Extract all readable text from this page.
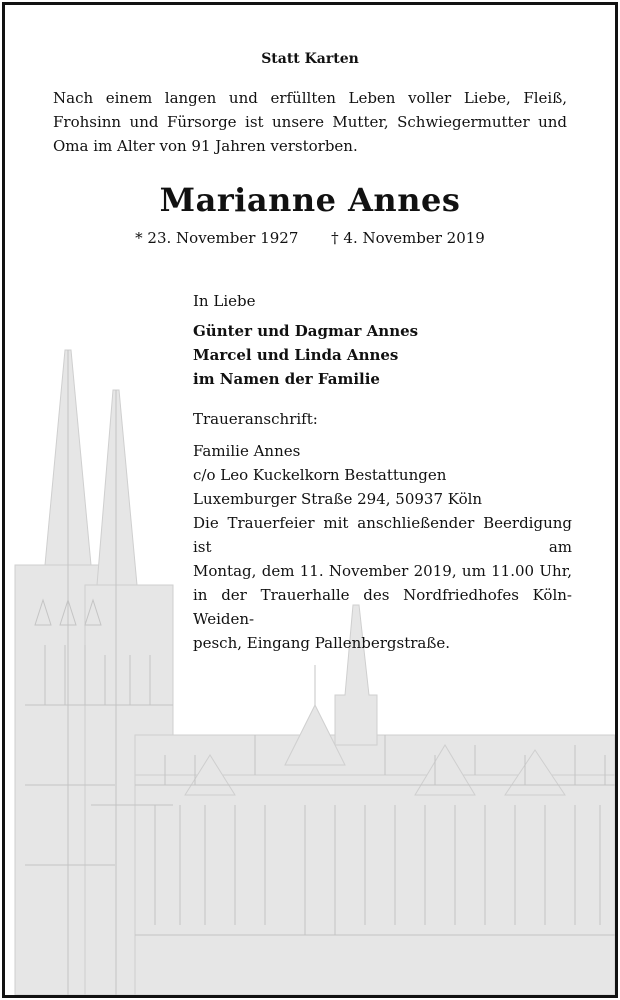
Statt Karten
Nach einem langen und erfüllten Leben voller Liebe, Fleiß, Frohsinn und Fürsorge ist unsere Mutter, Schwiegermutter und Oma im Alter von 91 Jahren verstorben.
Marianne Annes
* 23. November 1927 † 4. November 2019
In Liebe
Günter und Dagmar Annes
Marcel und Linda Annes
im Namen der Familie
Traueranschrift:
Familie Annes
c/o Leo Kuckelkorn Bestattungen
Luxemburger Straße 294, 50937 Köln
Die Trauerfeier mit anschließender Beerdigung ist am
Montag, dem 11. November 2019, um 11.00 Uhr,
in der Trauerhalle des Nordfriedhofes Köln-Weiden-
pesch, Eingang Pallenbergstraße.
